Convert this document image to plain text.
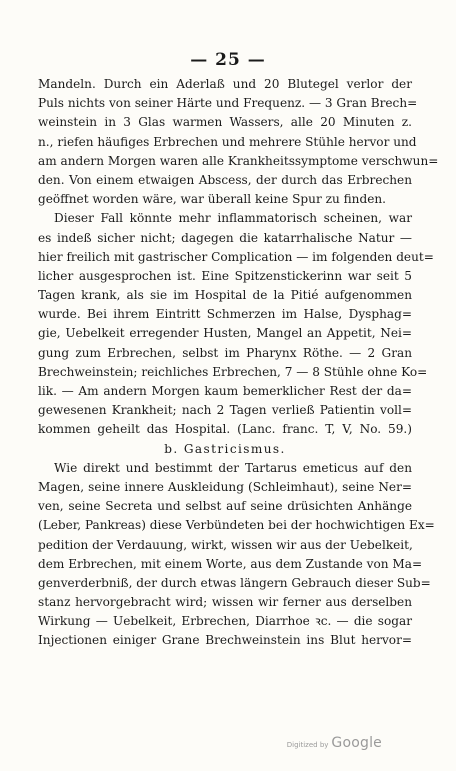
— 25 —
Mandeln. Durch ein Aderlaß und 20 Blutegel verlor der
Puls nichts von seiner Härte und Frequenz. — 3 Gran Brech=
weinstein in 3 Glas warmen Wassers, alle 20 Minuten z.
n., riefen häufiges Erbrechen und mehrere Stühle hervor und
am andern Morgen waren alle Krankheitssymptome verschwun=
den. Von einem etwaigen Abscess, der durch das Erbrechen
geöffnet worden wäre, war überall keine Spur zu finden.
Dieser Fall könnte mehr inflammatorisch scheinen, war
es indeß sicher nicht; dagegen die katarrhalische Natur —
hier freilich mit gastrischer Complication — im folgenden deut=
licher ausgesprochen ist. Eine Spitzenstickerinn war seit 5
Tagen krank, als sie im Hospital de la Pitié aufgenommen
wurde. Bei ihrem Eintritt Schmerzen im Halse, Dysphag=
gie, Uebelkeit erregender Husten, Mangel an Appetit, Nei=
gung zum Erbrechen, selbst im Pharynx Röthe. — 2 Gran
Brechweinstein; reichliches Erbrechen, 7 — 8 Stühle ohne Ko=
lik. — Am andern Morgen kaum bemerklicher Rest der da=
gewesenen Krankheit; nach 2 Tagen verließ Patientin voll=
kommen geheilt das Hospital. (Lanc. franc. T, V, No. 59.)
b. Gastricismus.
Wie direkt und bestimmt der Tartarus emeticus auf den
Magen, seine innere Auskleidung (Schleimhaut), seine Ner=
ven, seine Secreta und selbst auf seine drüsichten Anhänge
(Leber, Pankreas) diese Verbündeten bei der hochwichtigen Ex=
pedition der Verdauung, wirkt, wissen wir aus der Uebelkeit,
dem Erbrechen, mit einem Worte, aus dem Zustande von Ma=
genverderbniß, der durch etwas längern Gebrauch dieser Sub=
stanz hervorgebracht wird; wissen wir ferner aus derselben
Wirkung — Uebelkeit, Erbrechen, Diarrhoe ꝛc. — die sogar
Injectionen einiger Grane Brechweinstein ins Blut hervor=
Digitized by Google
